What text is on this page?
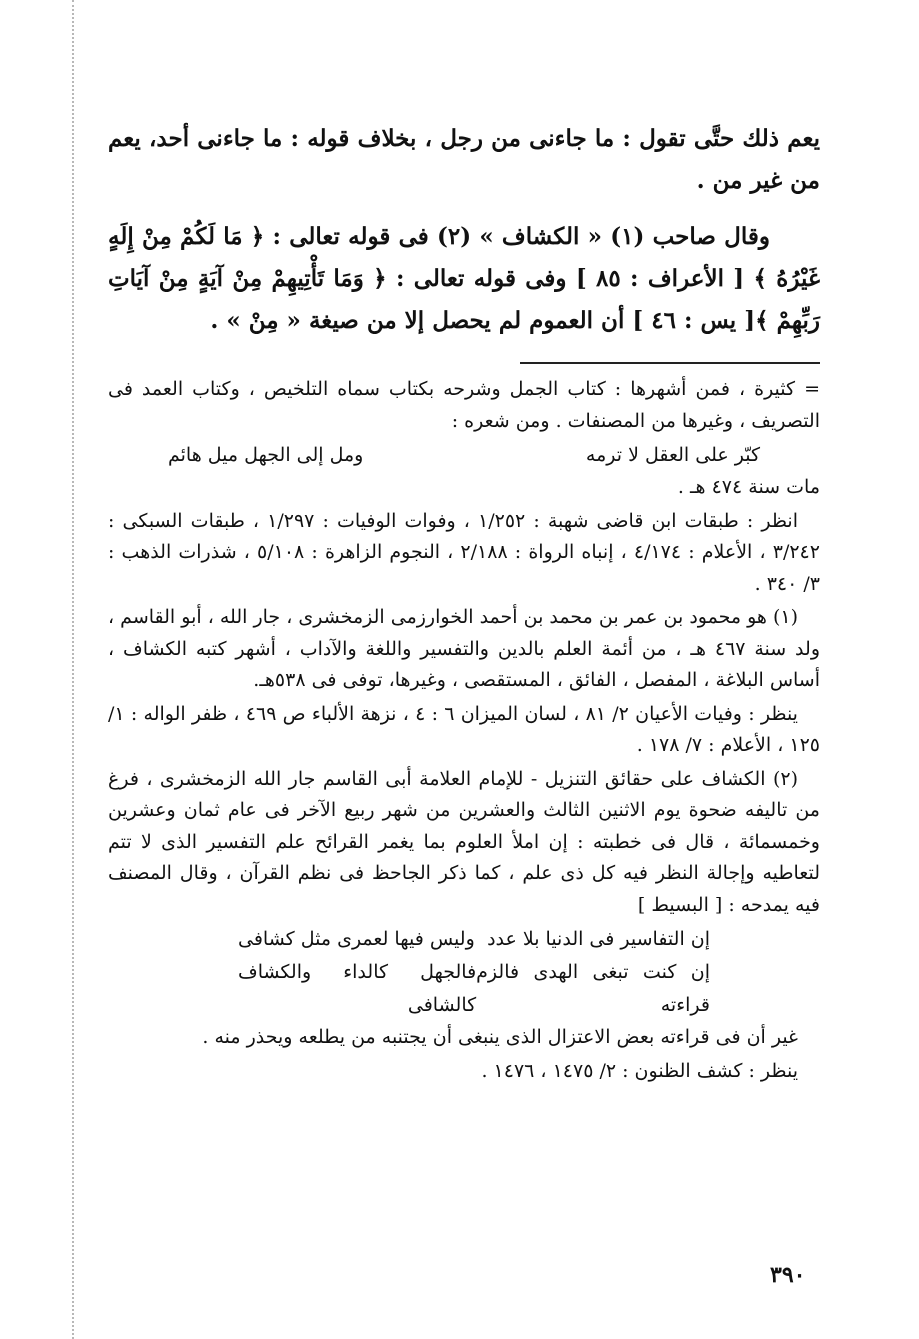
يعم ذلك حتَّى تقول : ما جاءنى من رجل ، بخلاف قوله : ما جاءنى أحد، يعم من غير من .

وقال صاحب (١) « الكشاف » (٢) فى قوله تعالى : ﴿ مَا لَكُمْ مِنْ إِلَهٍ غَيْرُهُ ﴾ [ الأعراف : ٨٥ ] وفى قوله تعالى : ﴿ وَمَا تَأْتِيهِمْ مِنْ آيَةٍ مِنْ آيَاتِ رَبِّهِمْ ﴾[ يس : ٤٦ ] أن العموم لم يحصل إلا من صيغة « مِنْ » .

= كثيرة ، فمن أشهرها : كتاب الجمل وشرحه بكتاب سماه التلخيص ، وكتاب العمد فى التصريف ، وغيرها من المصنفات . ومن شعره :

كبّر على العقل لا ترمه
ومل إلى الجهل ميل هائم

مات سنة ٤٧٤ هـ .

انظر : طبقات ابن قاضى شهبة : ١/٢٥٢ ، وفوات الوفيات : ١/٢٩٧ ، طبقات السبكى : ٣/٢٤٢ ، الأعلام : ٤/١٧٤ ، إنباه الرواة : ٢/١٨٨ ، النجوم الزاهرة : ٥/١٠٨ ، شذرات الذهب : ٣/ ٣٤٠ .

(١) هو محمود بن عمر بن محمد بن أحمد الخوارزمى الزمخشرى ، جار الله ، أبو القاسم ، ولد سنة ٤٦٧ هـ ، من أئمة العلم بالدين والتفسير واللغة والآداب ، أشهر كتبه الكشاف ، أساس البلاغة ، المفصل ، الفائق ، المستقصى ، وغيرها، توفى فى ٥٣٨هـ.

ينظر : وفيات الأعيان ٢/ ٨١ ، لسان الميزان ٦ : ٤ ، نزهة الألباء ص ٤٦٩ ، ظفر الواله : ١/ ١٢٥ ، الأعلام : ٧/ ١٧٨ .

(٢) الكشاف على حقائق التنزيل - للإمام العلامة أبى القاسم جار الله الزمخشرى ، فرغ من تاليفه ضحوة يوم الاثنين الثالث والعشرين من شهر ربيع الآخر فى عام ثمان وعشرين وخمسمائة ، قال فى خطبته : إن املأ العلوم بما يغمر القرائح علم التفسير الذى لا تتم لتعاطيه وإجالة النظر فيه كل ذى علم ، كما ذكر الجاحظ فى نظم القرآن ، وقال المصنف فيه يمدحه : [ البسيط ]

إن التفاسير فى الدنيا بلا عدد
وليس فيها لعمرى مثل كشافى
إن كنت تبغى الهدى فالزم قراءته
فالجهل كالداء والكشاف كالشافى

غير أن فى قراءته بعض الاعتزال الذى ينبغى أن يجتنبه من يطلعه ويحذر منه .

ينظر : كشف الظنون : ٢/ ١٤٧٥ ، ١٤٧٦ .

٣٩٠
